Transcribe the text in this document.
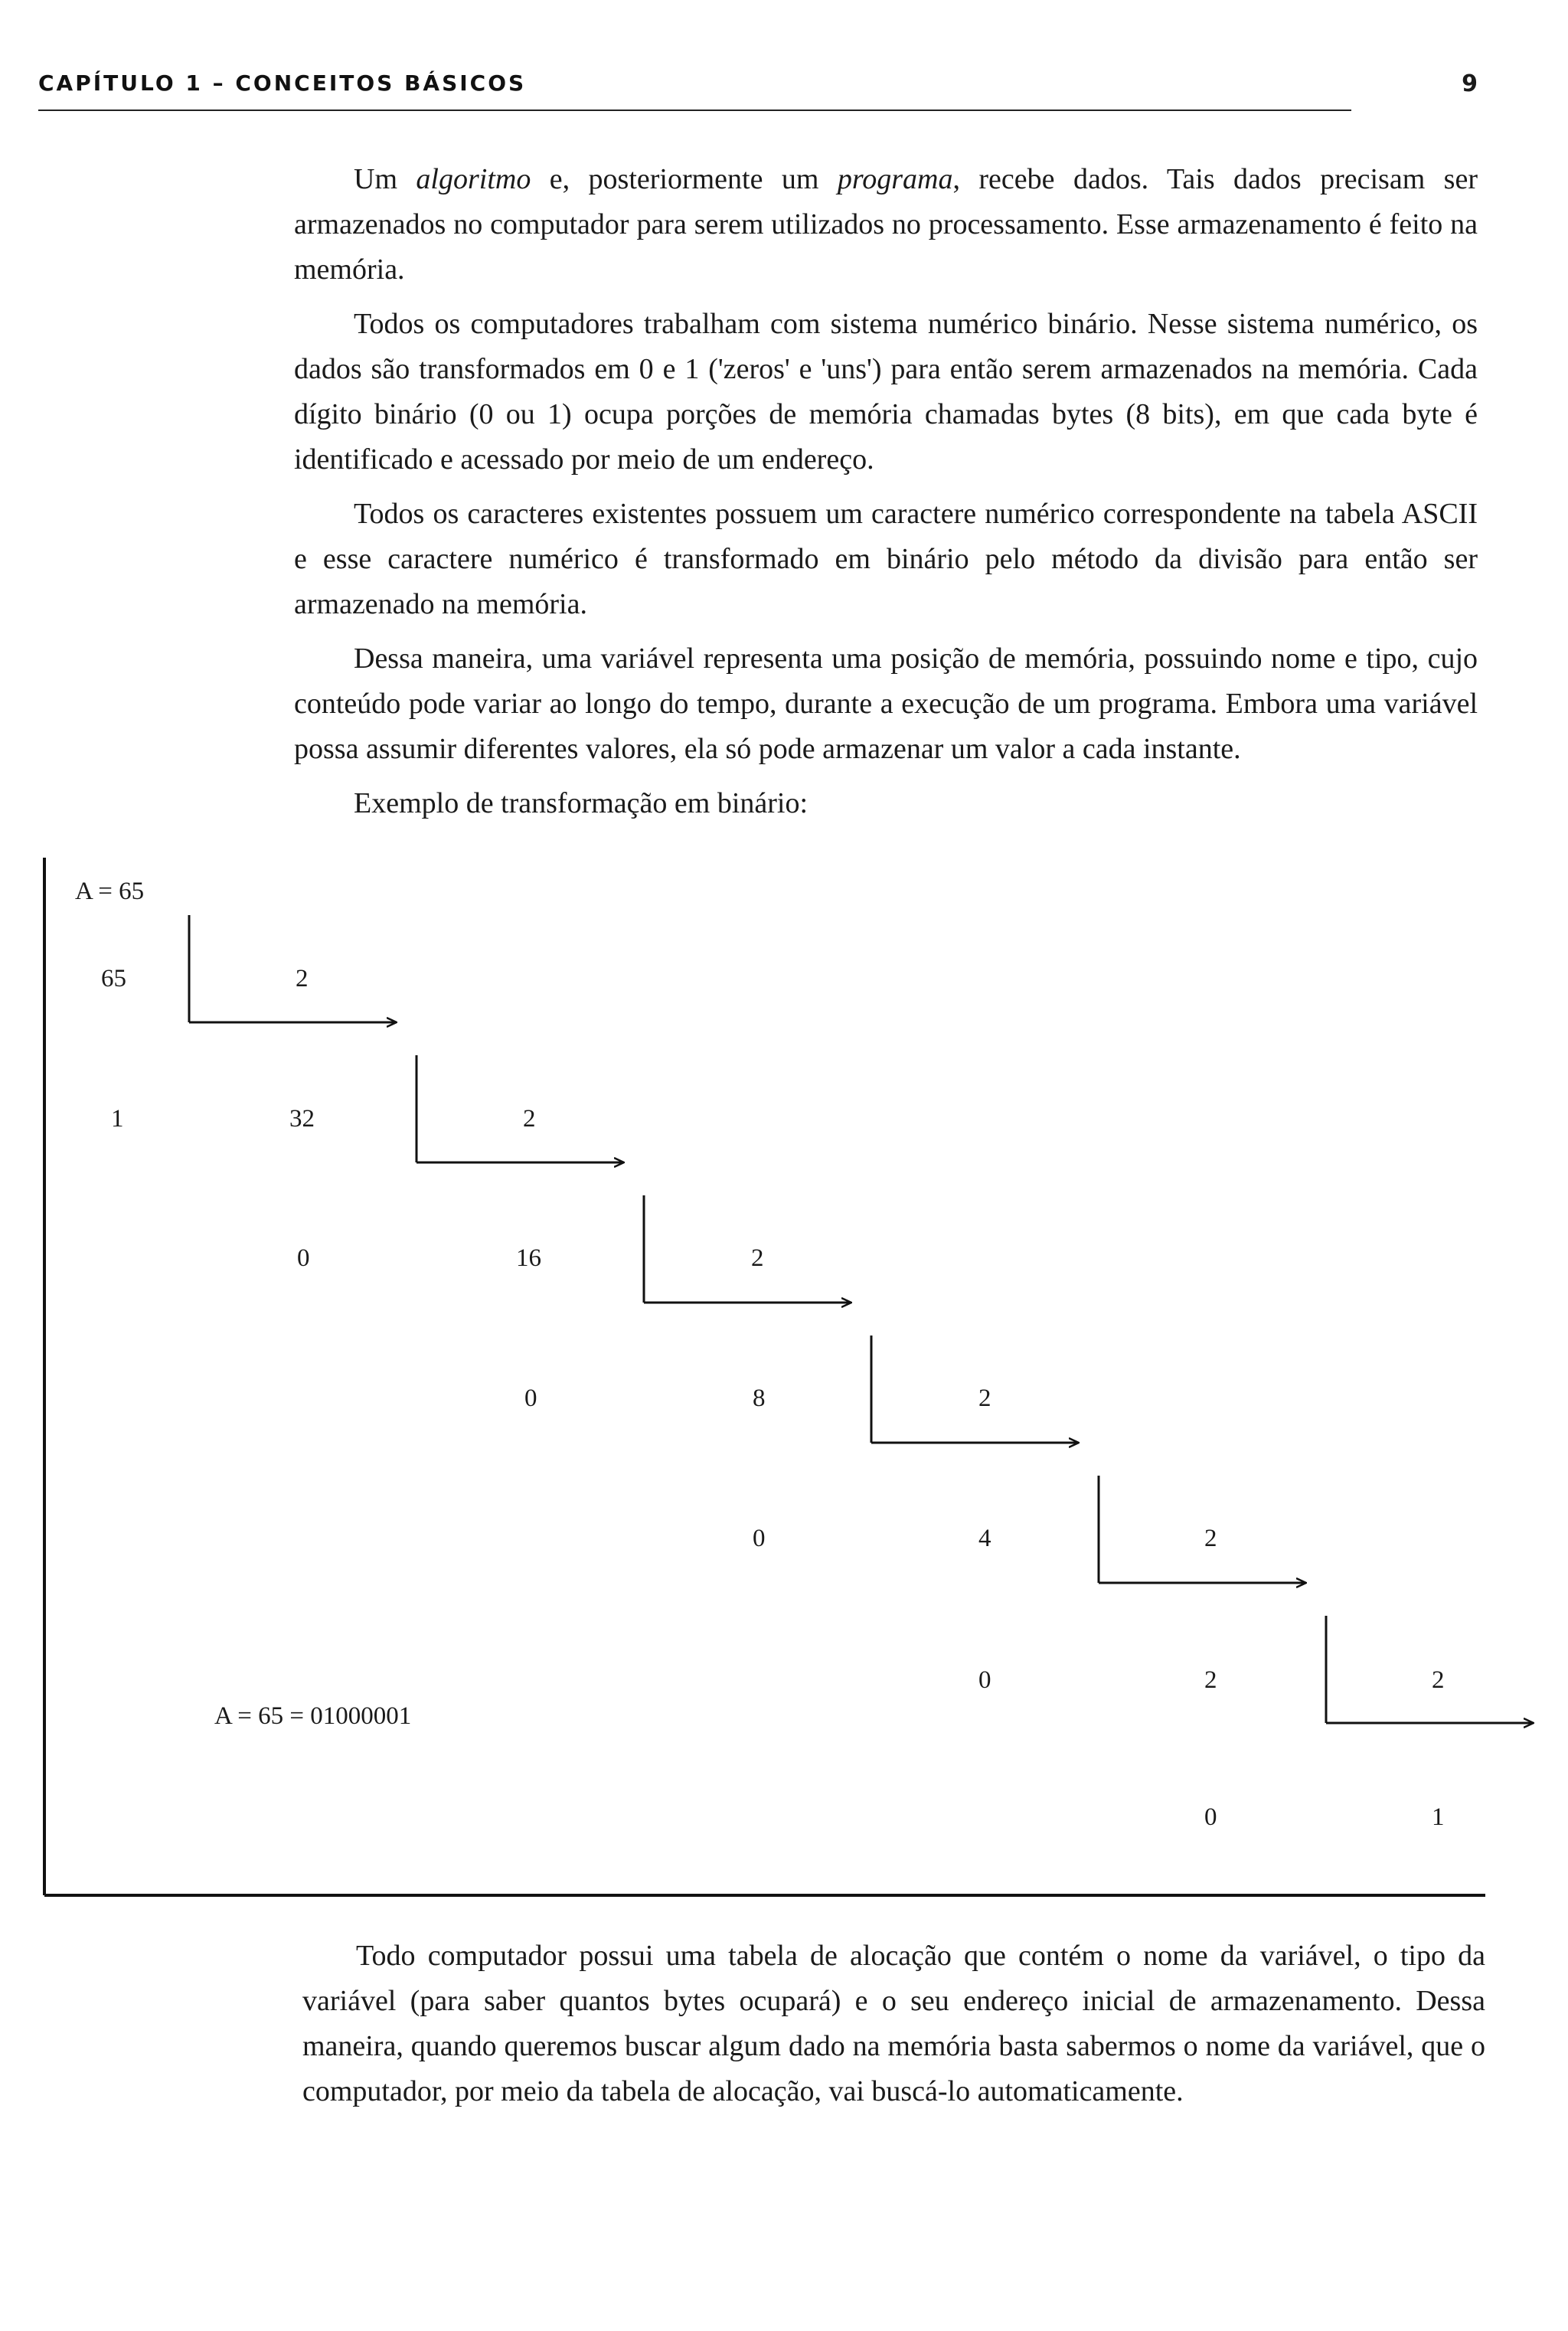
CAPÍTULO 1 – CONCEITOS BÁSICOS	9

Um algoritmo e, posteriormente um programa, recebe dados. Tais dados precisam ser armazenados no computador para serem utilizados no processamento. Esse armazenamento é feito na memória.

Todos os computadores trabalham com sistema numérico binário. Nesse sistema numérico, os dados são transformados em 0 e 1 ('zeros' e 'uns') para então serem armazenados na memória. Cada dígito binário (0 ou 1) ocupa porções de memória chamadas bytes (8 bits), em que cada byte é identificado e acessado por meio de um endereço.

Todos os caracteres existentes possuem um caractere numérico correspondente na tabela ASCII e esse caractere numérico é transformado em binário pelo método da divisão para então ser armazenado na memória.

Dessa maneira, uma variável representa uma posição de memória, possuindo nome e tipo, cujo conteúdo pode variar ao longo do tempo, durante a execução de um programa. Embora uma variável possa assumir diferentes valores, ela só pode armazenar um valor a cada instante.

Exemplo de transformação em binário:

A = 65
65	2
1	32	2
0	16	2
0	8	2
0	4	2
0	2	2
A = 65 = 01000001
0	1

Todo computador possui uma tabela de alocação que contém o nome da variável, o tipo da variável (para saber quantos bytes ocupará) e o seu endereço inicial de armazenamento. Dessa maneira, quando queremos buscar algum dado na memória basta sabermos o nome da variável, que o computador, por meio da tabela de alocação, vai buscá-lo automaticamente.
